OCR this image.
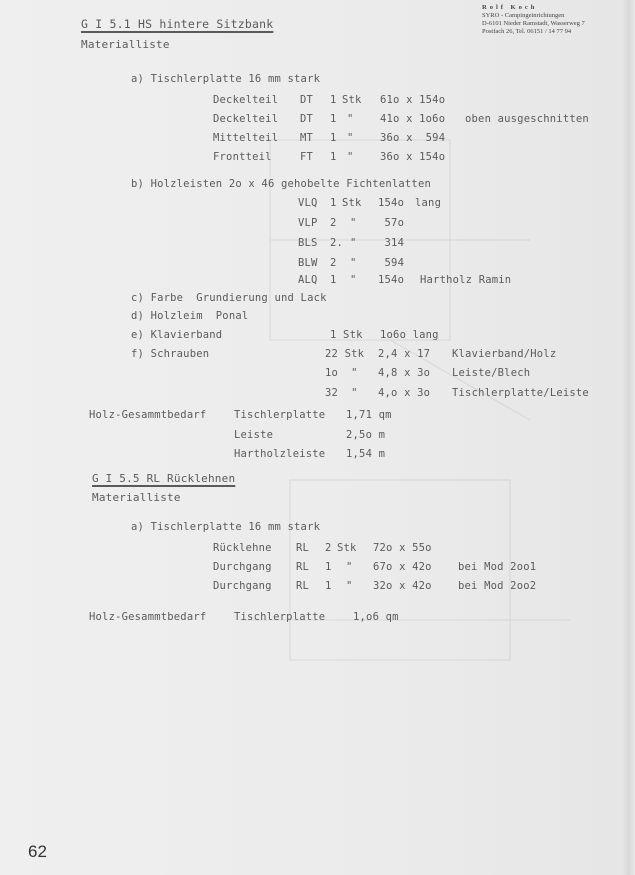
Rolf Koch
SYRO - Campingeinrichtungen
D-6101 Nieder Ramstadt, Wasserweg 7
Postfach 26, Tel. 06151 / 14 77 94
G I 5.1 HS hintere Sitzbank
Materialliste
a) Tischlerplatte 16 mm stark
Deckelteil DT 1 Stk 61o x 154o
Deckelteil DT 1 "	41o x 1o6o oben ausgeschnitten
Mittelteil MT 1 "	36o x  594
Frontteil	FT 1 "	36o x 154o
b) Holzleisten 2o x 46 gehobelte Fichtenlatten
VLQ 1 Stk 154o lang
VLP 2 " 57o
BLS 2. " 314
BLW 2 " 594
ALQ 1 " 154o Hartholz Ramin
c) Farbe  Grundierung und Lack
d) Holzleim  Ponal
e) Klavierband	1 Stk 1o6o lang
f) Schrauben	22 Stk 2,4 x 17 Klavierband/Holz
1o  " 4,8 x 3o Leiste/Blech
32  " 4,o x 3o Tischlerplatte/Leiste
Holz-Gesammtbedarf	Tischlerplatte 1,71 qm
Leiste	2,5o m
Hartholzleiste 1,54 m
G I 5.5 RL Rücklehnen
Materialliste
a) Tischlerplatte 16 mm stark
Rücklehne RL 2 Stk 72o x 55o
Durchgang RL 1 " 67o x 42o	bei Mod 2oo1
Durchgang RL 1 " 32o x 42o	bei Mod 2oo2
Holz-Gesammtbedarf	Tischlerplatte	1,o6 qm
62
